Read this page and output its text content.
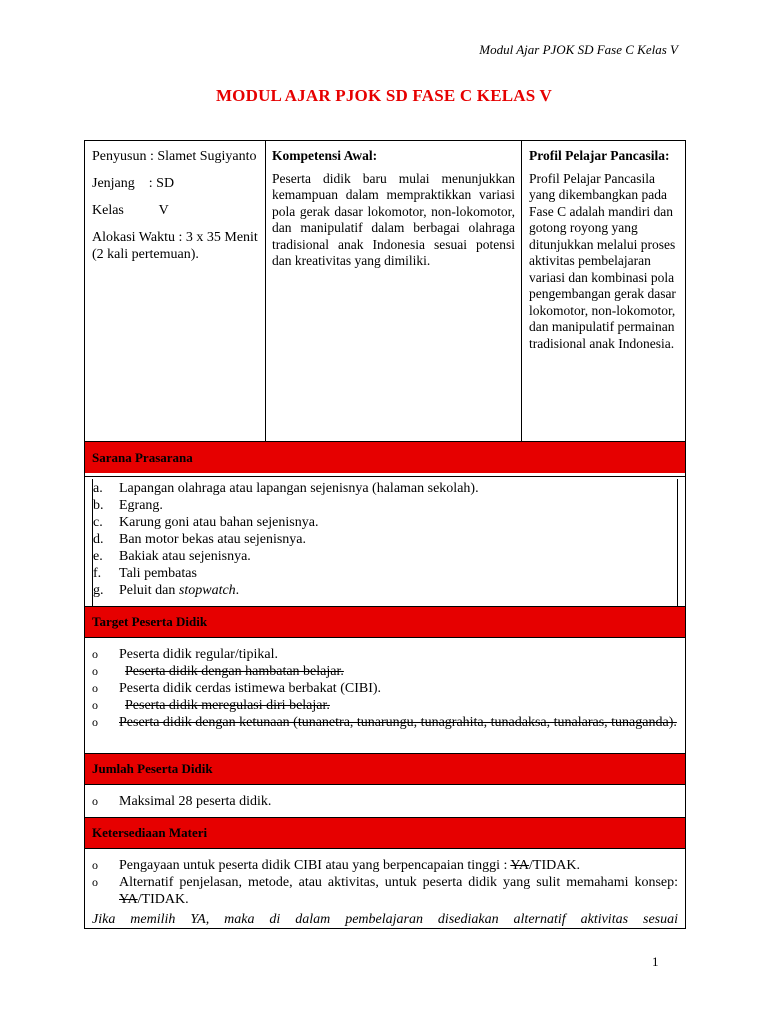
Modul Ajar PJOK SD Fase C Kelas V
MODUL AJAR PJOK SD FASE C KELAS V

Penyusun : Slamet Sugiyanto

Jenjang    : SD

Kelas          V

Alokasi Waktu : 3 x 35 Menit (2 kali pertemuan).

Kompetensi Awal:

Peserta didik baru mulai menunjukkan kemampuan dalam mempraktikkan variasi pola gerak dasar lokomotor, non-lokomotor, dan manipulatif dalam berbagai olahraga tradisional anak Indonesia sesuai potensi dan kreativitas yang dimiliki.

Profil Pelajar Pancasila:

Profil Pelajar Pancasila yang dikembangkan pada Fase C adalah mandiri dan gotong royong yang ditunjukkan melalui proses aktivitas pembelajaran variasi dan kombinasi pola pengembangan gerak dasar lokomotor, non-lokomotor, dan manipulatif permainan tradisional anak Indonesia.

Sarana Prasarana
a. Lapangan olahraga atau lapangan sejenisnya (halaman sekolah).
b. Egrang.
c. Karung goni atau bahan sejenisnya.
d. Ban motor bekas atau sejenisnya.
e. Bakiak atau sejenisnya.
f. Tali pembatas
g. Peluit dan stopwatch.
Target Peserta Didik
o Peserta didik regular/tipikal.
o Peserta didik dengan hambatan belajar.
o Peserta didik cerdas istimewa berbakat (CIBI).
o Peserta didik meregulasi diri belajar.
o Peserta didik dengan ketunaan (tunanetra, tunarungu, tunagrahita, tunadaksa, tunalaras, tunaganda).
Jumlah Peserta Didik
o Maksimal 28 peserta didik.
Ketersediaan Materi
o Pengayaan untuk peserta didik CIBI atau yang berpencapaian tinggi : YA/TIDAK.
o Alternatif penjelasan, metode, atau aktivitas, untuk peserta didik yang sulit memahami konsep: YA/TIDAK.

Jika memilih YA, maka di dalam pembelajaran disediakan alternatif aktivitas sesuai

1
